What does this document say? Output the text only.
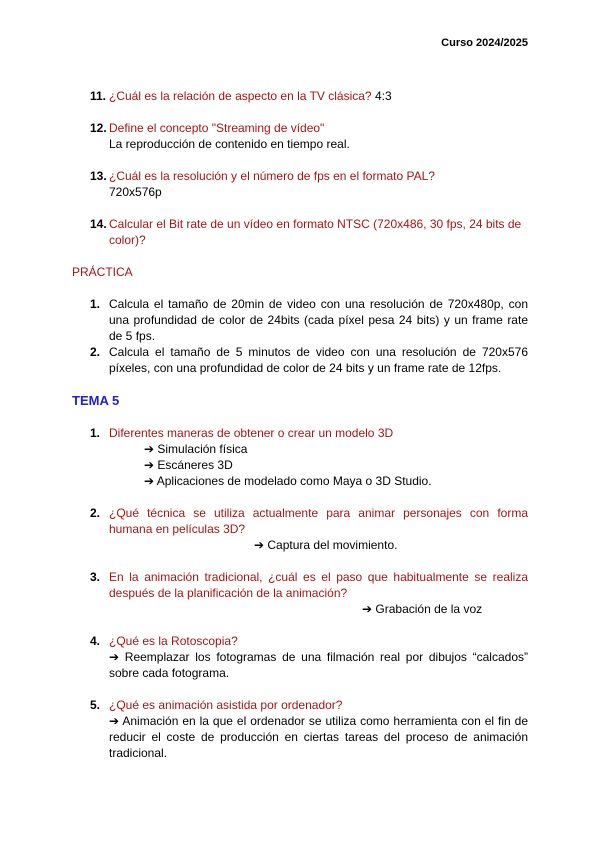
Curso 2024/2025
11. ¿Cuál es la relación de aspecto en la TV clásica? 4:3
12. Define el concepto "Streaming de vídeo"
La reproducción de contenido en tiempo real.
13. ¿Cuál es la resolución y el número de fps en el formato PAL?
720x576p
14. Calcular el Bit rate de un vídeo en formato NTSC (720x486, 30 fps, 24 bits de color)?
PRÁCTICA
1. Calcula el tamaño de 20min de video con una resolución de 720x480p, con una profundidad de color de 24bits (cada píxel pesa 24 bits) y un frame rate de 5 fps.
2. Calcula el tamaño de 5 minutos de video con una resolución de 720x576 píxeles, con una profundidad de color de 24 bits y un frame rate de 12fps.
TEMA 5
1. Diferentes maneras de obtener o crear un modelo 3D
➔ Simulación física
➔ Escáneres 3D
➔ Aplicaciones de modelado como Maya o 3D Studio.
2. ¿Qué técnica se utiliza actualmente para animar personajes con forma humana en películas 3D?
➔ Captura del movimiento.
3. En la animación tradicional, ¿cuál es el paso que habitualmente se realiza después de la planificación de la animación?
➔ Grabación de la voz
4. ¿Qué es la Rotoscopia?
➔ Reemplazar los fotogramas de una filmación real por dibujos “calcados” sobre cada fotograma.
5. ¿Qué es animación asistida por ordenador?
➔ Animación en la que el ordenador se utiliza como herramienta con el fin de reducir el coste de producción en ciertas tareas del proceso de animación tradicional.
